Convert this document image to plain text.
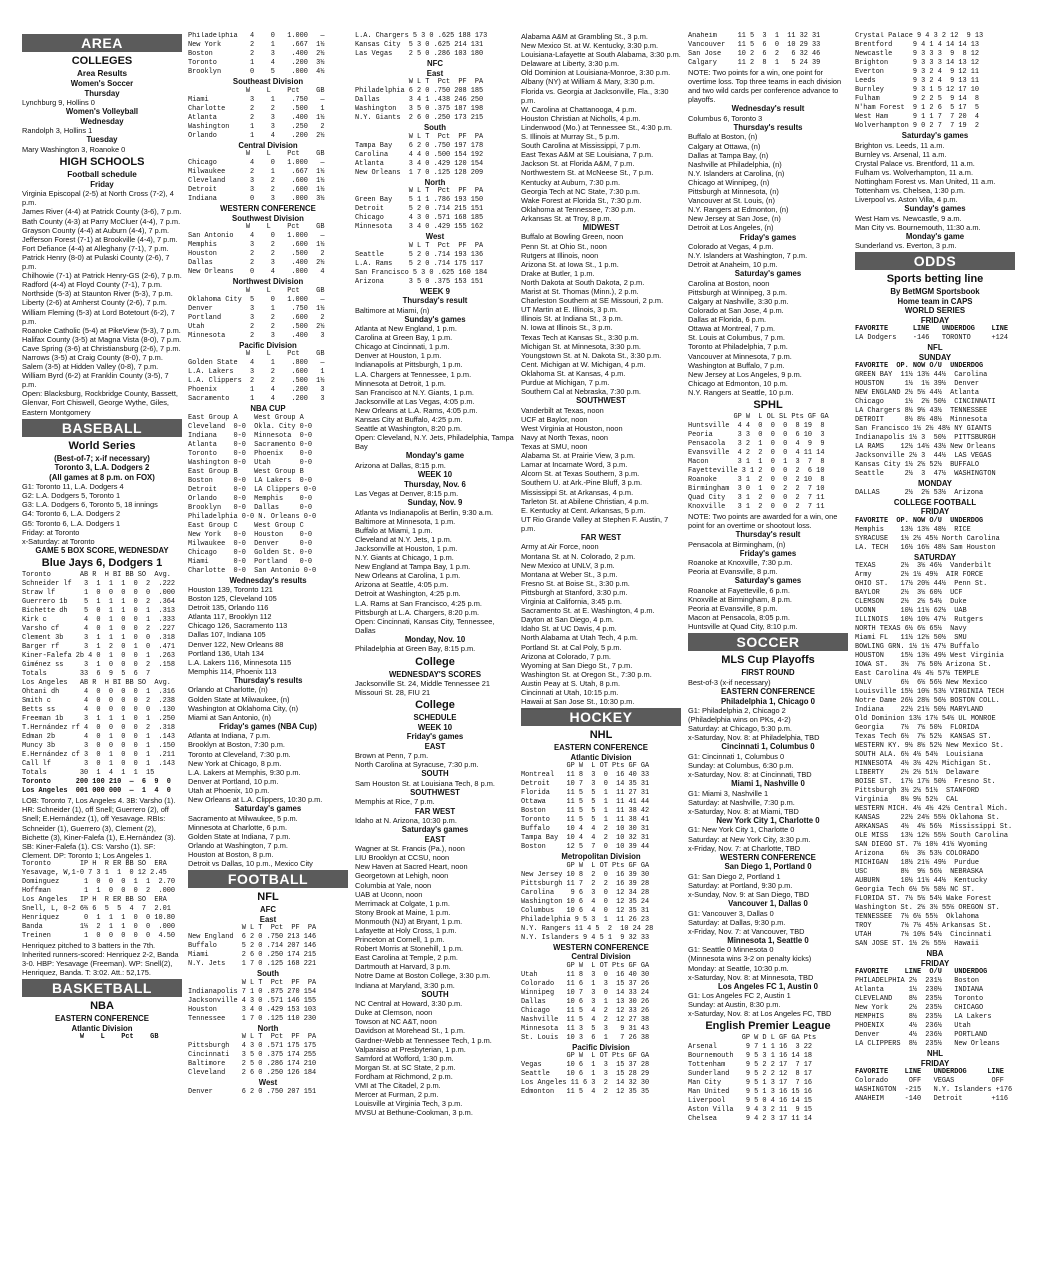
AREA
COLLEGES
Area Results
Women's Soccer
Thursday
Lynchburg 9, Hollins 0
Women's Volleyball
Wednesday
Randolph 3, Hollins 1
Tuesday
Mary Washington 3, Roanoke 0
HIGH SCHOOLS
Football schedule
Friday
Virginia Episcopal (2-5) at North Cross (7-2), 4 p.m.
James River (4-4) at Patrick County (3-6), 7 p.m.
Bath County (4-3) at Parry McCluer (4-4), 7 p.m.
Grayson County (4-4) at Auburn (4-4), 7 p.m.
Jefferson Forest (7-1) at Brookville (4-4), 7 p.m.
Fort Defiance (4-4) at Alleghany (7-1), 7 p.m.
Patrick Henry (8-0) at Pulaski County (2-6), 7 p.m.
Chilhowie (7-1) at Patrick Henry-GS (2-6), 7 p.m.
Radford (4-4) at Floyd County (7-1), 7 p.m.
Northside (5-3) at Staunton River (5-3), 7 p.m.
Liberty (2-6) at Amherst County (2-6), 7 p.m.
William Fleming (5-3) at Lord Botetourt (6-2), 7 p.m.
Roanoke Catholic (5-4) at PikeView (5-3), 7 p.m.
Halifax County (3-5) at Magna Vista (8-0), 7 p.m.
Cave Spring (3-6) at Christiansburg (2-6), 7 p.m.
Narrows (3-5) at Craig County (8-0), 7 p.m.
Salem (3-5) at Hidden Valley (0-8), 7 p.m.
William Byrd (6-2) at Franklin County (3-5), 7 p.m.
Open: Blacksburg, Rockbridge County, Bassett, Glenvar, Fort Chiswell, George Wythe, Giles, Eastern Montgomery
BASEBALL
World Series
(Best-of-7; x-if necessary)
Toronto 3, L.A. Dodgers 2
(All games at 8 p.m. on FOX)
G1: Toronto 11, L.A. Dodgers 4
G2: L.A. Dodgers 5, Toronto 1
G3: L.A. Dodgers 6, Toronto 5, 18 innings
G4: Toronto 6, L.A. Dodgers 2
G5: Toronto 6, L.A. Dodgers 1
Friday: at Toronto
x-Saturday: at Toronto
GAME 5 BOX SCORE, WEDNESDAY
Blue Jays 6, Dodgers 1
Toronto       AB R  H BI BB SO  Avg.
Schneider lf   3  1  1  1  0  2  .222
Straw lf       1  0  0  0  0  0  .000
Guerrero 1b    5  1  1  1  0  2  .364
Bichette dh    5  0  1  1  0  1  .313
Kirk c         4  0  1  0  0  1  .333
Varsho cf      4  0  1  0  0  2  .227
Clement 3b     3  1  1  1  0  0  .318
Barger rf      3  1  2  0  1  0  .471
Kiner-Falefa 2b 4 0  1  0  0  1  .263
Giménez ss     3  1  0  0  0  2  .158
Totals        33  6  9  5  6  7
Los Angeles   AB R  H BI BB SO  Avg.
Ohtani dh      4  0  0  0  0  1  .316
Smith c        4  0  0  0  0  2  .238
Betts ss       4  0  0  0  0  0  .130
Freeman 1b     3  1  1  1  0  1  .250
T.Hernández rf 4  0  0  0  0  2  .318
Edman 2b       4  0  1  0  0  1  .143
Muncy 3b       3  0  0  0  0  1  .150
E.Hernández cf 3  0  1  0  0  1  .211
Call lf        3  0  1  0  0  1  .143
Totals        30  1  4  1  1  15
Toronto      200 100 210  —  6  9  0
Los Angeles  001 000 000  —  1  4  0
LOB: Toronto 7, Los Angeles 4. 3B: Varsho (1). HR: Schneider (1), off Snell; Guerrero (2), off Snell; E.Hernández (1), off Yesavage. RBIs: Schneider (1), Guerrero (3), Clement (2), Bichette (3), Kiner-Falefa (1), E.Hernández (3). SB: Kiner-Falefa (1). CS: Varsho (1). SF: Clement. DP: Toronto 1; Los Angeles 1.
Toronto       IP H  R ER BB SO  ERA
Yesavage, W,1-0 7 3 1  1  0 12 2.45
Dominguez      1  0  0  0  1  1  2.70
Hoffman        1  1  0  0  0  2  .000
Los Angeles   IP H  R ER BB SO  ERA
Snell, L, 0-2 6⅔ 6  5  5  4  7  2.01
Henriquez      0  1  1  1  0  0 10.80
Banda         1⅓  2  1  1  0  0  .000
Treinen        1  0  0  0  0  0  4.50
Henriquez pitched to 3 batters in the 7th. Inherited runners-scored: Henriquez 2-2, Banda 3-0. HBP: Yesavage (Freeman). WP: Snell(2), Henriquez, Banda. T: 3:02. Att.: 52,175.
BASKETBALL
NBA
EASTERN CONFERENCE
Atlantic Division
W    L    Pct    GB
Philadelphia   4    0   1.000   —
New York       2    1    .667  1½
Boston         2    3    .400  2½
Toronto        1    4    .200  3½
Brooklyn       0    5    .000  4½
Southeast Division
W    L    Pct    GB
Miami          3    1    .750   —
Charlotte      2    2    .500   1
Atlanta        2    3    .400  1½
Washington     1    3    .250   2
Orlando        1    4    .200  2½
Central Division
W    L    Pct    GB
Chicago        4    0   1.000   —
Milwaukee      2    1    .667  1½
Cleveland      3    2    .600  1½
Detroit        3    2    .600  1½
Indiana        0    3    .000  3½
WESTERN CONFERENCE
Southwest Division
W    L    Pct    GB
San Antonio    4    0   1.000   —
Memphis        3    2    .600  1½
Houston        2    2    .500   2
Dallas         2    3    .400  2½
New Orleans    0    4    .000   4
Northwest Division
W    L    Pct    GB
Oklahoma City  5    0   1.000   —
Denver         3    1    .750  1½
Portland       3    2    .600   2
Utah           2    2    .500  2½
Minnesota      2    3    .400   3
Pacific Division
W    L    Pct    GB
Golden State   4    1    .800   —
L.A. Lakers    3    2    .600   1
L.A. Clippers  2    2    .500  1½
Phoenix        1    4    .200   3
Sacramento     1    4    .200   3
NBA CUP
East Group A    West Group A
Cleveland  0-0  Okla. City 0-0
Indiana    0-0  Minnesota  0-0
Atlanta    0-0  Sacramento 0-0
Toronto    0-0  Phoenix    0-0
Washington 0-0  Utah       0-0
East Group B    West Group B
Boston     0-0  LA Lakers  0-0
Detroit    0-0  LA Clippers 0-0
Orlando    0-0  Memphis    0-0
Brooklyn   0-0  Dallas     0-0
Philadelphia 0-0 N. Orleans 0-0
East Group C    West Group C
New York   0-0  Houston    0-0
Milwaukee  0-0  Denver     0-0
Chicago    0-0  Golden St. 0-0
Miami      0-0  Portland   0-0
Charlotte  0-0  San Antonio 0-0
Wednesday's results
Houston 139, Toronto 121
Boston 125, Cleveland 105
Detroit 135, Orlando 116
Atlanta 117, Brooklyn 112
Chicago 126, Sacramento 113
Dallas 107, Indiana 105
Denver 122, New Orleans 88
Portland 136, Utah 134
L.A. Lakers 116, Minnesota 115
Memphis 114, Phoenix 113
Thursday's results
Orlando at Charlotte, (n)
Golden State at Milwaukee, (n)
Washington at Oklahoma City, (n)
Miami at San Antonio, (n)
Friday's games (NBA Cup)
Atlanta at Indiana, 7 p.m.
Brooklyn at Boston, 7:30 p.m.
Toronto at Cleveland, 7:30 p.m.
New York at Chicago, 8 p.m.
L.A. Lakers at Memphis, 9:30 p.m.
Denver at Portland, 10 p.m.
Utah at Phoenix, 10 p.m.
New Orleans at L.A. Clippers, 10:30 p.m.
Saturday's games
Sacramento at Milwaukee, 5 p.m.
Minnesota at Charlotte, 6 p.m.
Golden State at Indiana, 7 p.m.
Orlando at Washington, 7 p.m.
Houston at Boston, 8 p.m.
Detroit vs Dallas, 10 p.m., Mexico City
FOOTBALL
NFL
AFC
East
W L T  Pct  PF  PA
New England  6 2 0 .750 213 146
Buffalo      5 2 0 .714 207 146
Miami        2 6 0 .250 174 215
N.Y. Jets    1 7 0 .125 168 221
South
W L T  Pct  PF  PA
Indianapolis 7 1 0 .875 270 154
Jacksonville 4 3 0 .571 146 155
Houston      3 4 0 .429 153 103
Tennessee    1 7 0 .125 110 230
North
W L T  Pct  PF  PA
Pittsburgh   4 3 0 .571 175 175
Cincinnati   3 5 0 .375 174 255
Baltimore    2 5 0 .286 174 210
Cleveland    2 6 0 .250 126 184
West
Denver       6 2 0 .750 207 151
L.A. Chargers 5 3 0 .625 188 173
Kansas City  5 3 0 .625 214 131
Las Vegas    2 5 0 .286 103 180
NFC
East
W L T  Pct  PF  PA
Philadelphia 6 2 0 .750 208 185
Dallas       3 4 1 .438 246 250
Washington   3 5 0 .375 187 198
N.Y. Giants  2 6 0 .250 173 215
South
W L T  Pct  PF  PA
Tampa Bay    6 2 0 .750 197 178
Carolina     4 4 0 .500 154 192
Atlanta      3 4 0 .429 120 154
New Orleans  1 7 0 .125 128 209
North
W L T  Pct  PF  PA
Green Bay    5 1 1 .786 193 150
Detroit      5 2 0 .714 215 151
Chicago      4 3 0 .571 168 185
Minnesota    3 4 0 .429 155 162
West
W L T  Pct  PF  PA
Seattle      5 2 0 .714 193 136
L.A. Rams    5 2 0 .714 175 117
San Francisco 5 3 0 .625 160 184
Arizona      3 5 0 .375 153 151
WEEK 9
Thursday's result
Baltimore at Miami, (n)
Sunday's games
Atlanta at New England, 1 p.m.
Carolina at Green Bay, 1 p.m.
Chicago at Cincinnati, 1 p.m.
Denver at Houston, 1 p.m.
Indianapolis at Pittsburgh, 1 p.m.
L.A. Chargers at Tennessee, 1 p.m.
Minnesota at Detroit, 1 p.m.
San Francisco at N.Y. Giants, 1 p.m.
Jacksonville at Las Vegas, 4:05 p.m.
New Orleans at L.A. Rams, 4:05 p.m.
Kansas City at Buffalo, 4:25 p.m.
Seattle at Washington, 8:20 p.m.
Open: Cleveland, N.Y. Jets, Philadelphia, Tampa Bay
Monday's game
Arizona at Dallas, 8:15 p.m.
WEEK 10
Thursday, Nov. 6
Las Vegas at Denver, 8:15 p.m.
Sunday, Nov. 9
Atlanta vs Indianapolis at Berlin, 9:30 a.m.
Baltimore at Minnesota, 1 p.m.
Buffalo at Miami, 1 p.m.
Cleveland at N.Y. Jets, 1 p.m.
Jacksonville at Houston, 1 p.m.
N.Y. Giants at Chicago, 1 p.m.
New England at Tampa Bay, 1 p.m.
New Orleans at Carolina, 1 p.m.
Arizona at Seattle, 4:05 p.m.
Detroit at Washington, 4:25 p.m.
L.A. Rams at San Francisco, 4:25 p.m.
Pittsburgh at L.A. Chargers, 8:20 p.m.
Open: Cincinnati, Kansas City, Tennessee, Dallas
Monday, Nov. 10
Philadelphia at Green Bay, 8:15 p.m.
College
WEDNESDAY'S SCORES
Jacksonville St. 24, Middle Tennessee 21
Missouri St. 28, FIU 21
College
SCHEDULE
WEEK 10
Friday's games
EAST
Brown at Penn, 7 p.m.
North Carolina at Syracuse, 7:30 p.m.
SOUTH
Sam Houston St. at Louisiana Tech, 8 p.m.
SOUTHWEST
Memphis at Rice, 7 p.m.
FAR WEST
Idaho at N. Arizona, 10:30 p.m.
Saturday's games
EAST
Wagner at St. Francis (Pa.), noon
LIU Brooklyn at CCSU, noon
New Haven at Sacred Heart, noon
Georgetown at Lehigh, noon
Columbia at Yale, noon
UAB at Uconn, noon
Merrimack at Colgate, 1 p.m.
Stony Brook at Maine, 1 p.m.
Monmouth (NJ) at Bryant, 1 p.m.
Lafayette at Holy Cross, 1 p.m.
Princeton at Cornell, 1 p.m.
Robert Morris at Stonehill, 1 p.m.
East Carolina at Temple, 2 p.m.
Dartmouth at Harvard, 3 p.m.
Notre Dame at Boston College, 3:30 p.m.
Indiana at Maryland, 3:30 p.m.
SOUTH
NC Central at Howard, 3:30 p.m.
Duke at Clemson, noon
Towson at NC A&T, noon
Davidson at Morehead St., 1 p.m.
Gardner-Webb at Tennessee Tech, 1 p.m.
Valparaiso at Presbyterian, 1 p.m.
Samford at Wofford, 1:30 p.m.
Morgan St. at SC State, 2 p.m.
Fordham at Richmond, 2 p.m.
VMI at The Citadel, 2 p.m.
Mercer at Furman, 2 p.m.
Louisville at Virginia Tech, 3 p.m.
MVSU at Bethune-Cookman, 3 p.m.
Alabama A&M at Grambling St., 3 p.m.
New Mexico St. at W. Kentucky, 3:30 p.m.
Louisiana-Lafayette at South Alabama, 3:30 p.m.
Delaware at Liberty, 3:30 p.m.
Old Dominion at Louisiana-Monroe, 3:30 p.m.
Albany (NY) at William & Mary, 3:30 p.m.
Florida vs. Georgia at Jacksonville, Fla., 3:30 p.m.
W. Carolina at Chattanooga, 4 p.m.
Houston Christian at Nicholls, 4 p.m.
Lindenwood (Mo.) at Tennessee St., 4:30 p.m.
S. Illinois at Murray St., 5 p.m.
South Carolina at Mississippi, 7 p.m.
East Texas A&M at SE Louisiana, 7 p.m.
Jackson St. at Florida A&M, 7 p.m.
Northwestern St. at McNeese St., 7 p.m.
Kentucky at Auburn, 7:30 p.m.
Georgia Tech at NC State, 7:30 p.m.
Wake Forest at Florida St., 7:30 p.m.
Oklahoma at Tennessee, 7:30 p.m.
Arkansas St. at Troy, 8 p.m.
MIDWEST
Buffalo at Bowling Green, noon
Penn St. at Ohio St., noon
Rutgers at Illinois, noon
Arizona St. at Iowa St., 1 p.m.
Drake at Butler, 1 p.m.
North Dakota at South Dakota, 2 p.m.
Marist at St. Thomas (Minn.), 2 p.m.
Charleston Southern at SE Missouri, 2 p.m.
UT Martin at E. Illinois, 3 p.m.
Illinois St. at Indiana St., 3 p.m.
N. Iowa at Illinois St., 3 p.m.
Texas Tech at Kansas St., 3:30 p.m.
Michigan St. at Minnesota, 3:30 p.m.
Youngstown St. at N. Dakota St., 3:30 p.m.
Cent. Michigan at W. Michigan, 4 p.m.
Oklahoma St. at Kansas, 4 p.m.
Purdue at Michigan, 7 p.m.
Southern Cal at Nebraska, 7:30 p.m.
SOUTHWEST
Vanderbilt at Texas, noon
UCF at Baylor, noon
West Virginia at Houston, noon
Navy at North Texas, noon
Texas at SMU, noon
Alabama St. at Prairie View, 3 p.m.
Lamar at Incarnate Word, 3 p.m.
Alcorn St. at Texas Southern, 3 p.m.
Southern U. at Ark.-Pine Bluff, 3 p.m.
Mississippi St. at Arkansas, 4 p.m.
Tarleton St. at Abilene Christian, 4 p.m.
E. Kentucky at Cent. Arkansas, 5 p.m.
UT Rio Grande Valley at Stephen F. Austin, 7 p.m.
FAR WEST
Army at Air Force, noon
Montana St. at N. Colorado, 2 p.m.
New Mexico at UNLV, 3 p.m.
Montana at Weber St., 3 p.m.
Fresno St. at Boise St., 3:30 p.m.
Pittsburgh at Stanford, 3:30 p.m.
Virginia at California, 3:45 p.m.
Sacramento St. at E. Washington, 4 p.m.
Dayton at San Diego, 4 p.m.
Idaho St. at UC Davis, 4 p.m.
North Alabama at Utah Tech, 4 p.m.
Portland St. at Cal Poly, 5 p.m.
Arizona at Colorado, 7 p.m.
Wyoming at San Diego St., 7 p.m.
Washington St. at Oregon St., 7:30 p.m.
Austin Peay at S. Utah, 8 p.m.
Cincinnati at Utah, 10:15 p.m.
Hawaii at San Jose St., 10:30 p.m.
HOCKEY
NHL
EASTERN CONFERENCE
Atlantic Division
GP W  L OT Pts GF GA
Montreal   11 8  3  0  16 40 33
Detroit    10 7  3  0  14 35 31
Florida    11 5  5  1  11 27 31
Ottawa     11 5  5  1  11 41 44
Boston     11 5  5  1  11 38 42
Toronto    11 5  5  1  11 38 41
Buffalo    10 4  4  2  10 30 31
Tampa Bay  10 4  4  2  10 32 31
Boston     12 5  7  0  10 39 44
Metropolitan Division
GP W  L OT Pts GF GA
New Jersey 10 8  2  0  16 39 30
Pittsburgh 11 7  2  2  16 39 28
Carolina    9 6  3  0  12 34 28
Washington 10 6  4  0  12 35 24
Columbus   10 6  4  0  12 35 31
Philadelphia 9 5 3  1  11 26 23
N.Y. Rangers 11 4 5  2  10 24 28
N.Y. Islanders 9 4 5 1  9 32 33
WESTERN CONFERENCE
Central Division
GP W  L OT Pts GF GA
Utah       11 8  3  0  16 40 30
Colorado   11 6  1  3  15 37 26
Winnipeg   10 7  3  0  14 33 24
Dallas     10 6  3  1  13 30 26
Chicago    11 5  4  2  12 33 26
Nashville  11 5  4  2  12 27 38
Minnesota  11 3  5  3   9 31 43
St. Louis  10 3  6  1   7 26 38
Pacific Division
GP W  L OT Pts GF GA
Vegas      10 6  1  3  15 37 28
Seattle    10 6  1  3  15 28 29
Los Angeles 11 6 3  2  14 32 30
Edmonton   11 5  4  2  12 35 35
Anaheim     11 5  3  1  11 32 31
Vancouver   11 5  6  0  10 29 33
San Jose    10 2  6  2   6 32 46
Calgary     11 2  8  1   5 24 39

NOTE: Two points for a win, one point for overtime loss. Top three teams in each division and two wild cards per conference advance to playoffs.

Wednesday's result
Columbus 6, Toronto 3
Thursday's results
Buffalo at Boston, (n)
Calgary at Ottawa, (n)
Dallas at Tampa Bay, (n)
Nashville at Philadelphia, (n)
N.Y. Islanders at Carolina, (n)
Chicago at Winnipeg, (n)
Pittsburgh at Minnesota, (n)
Vancouver at St. Louis, (n)
N.Y. Rangers at Edmonton, (n)
New Jersey at San Jose, (n)
Detroit at Los Angeles, (n)
Friday's games
Colorado at Vegas, 4 p.m.
N.Y. Islanders at Washington, 7 p.m.
Detroit at Anaheim, 10 p.m.
Saturday's games
Carolina at Boston, noon
Pittsburgh at Winnipeg, 3 p.m.
Calgary at Nashville, 3:30 p.m.
Colorado at San Jose, 4 p.m.
Dallas at Florida, 6 p.m.
Ottawa at Montreal, 7 p.m.
St. Louis at Columbus, 7 p.m.
Toronto at Philadelphia, 7 p.m.
Vancouver at Minnesota, 7 p.m.
Washington at Buffalo, 7 p.m.
New Jersey at Los Angeles, 9 p.m.
Chicago at Edmonton, 10 p.m.
N.Y. Rangers at Seattle, 10 p.m.
SPHL
GP W  L OL SL Pts GF GA
Huntsville  4 4  0  0  0  8 19  8
Peoria      3 3  0  0  0  6 10  3
Pensacola   3 2  1  0  0  4  9  9
Evansville  4 2  2  0  0  4 11 14
Macon       3 1  1  0  1  3  7  8
Fayetteville 3 1 2  0  0  2  6 10
Roanoke     3 1  2  0  0  2 10  8
Birmingham  3 0  1  0  2  2  7 10
Quad City   3 1  2  0  0  2  7 11
Knoxville   3 1  2  0  0  2  7 11

NOTE: Two points are awarded for a win, one point for an overtime or shootout loss.

Thursday's result
Pensacola at Birmingham, (n)
Friday's games
Roanoke at Knoxville, 7:30 p.m.
Peoria at Evansville, 8 p.m.
Saturday's games
Roanoke at Fayetteville, 6 p.m.
Knoxville at Birmingham, 8 p.m.
Peoria at Evansville, 8 p.m.
Macon at Pensacola, 8:05 p.m.
Huntsville at Quad City, 8:10 p.m.
SOCCER
MLS Cup Playoffs
FIRST ROUND
Best-of-3 (x-if necessary)
EASTERN CONFERENCE
Philadelphia 1, Chicago 0
G1: Philadelphia 2, Chicago 2
(Philadelphia wins on PKs, 4-2)
Saturday: at Chicago, 5:30 p.m.
x-Saturday, Nov. 8: at Philadelphia, TBD
Cincinnati 1, Columbus 0
G1: Cincinnati 1, Columbus 0
Sunday: at Columbus, 6:30 p.m.
x-Saturday, Nov. 8: at Cincinnati, TBD
Miami 1, Nashville 0
G1: Miami 3, Nashville 1
Saturday: at Nashville, 7:30 p.m.
x-Saturday, Nov. 8: at Miami, TBD
New York City 1, Charlotte 0
G1: New York City 1, Charlotte 0
Saturday: at New York City, 3:30 p.m.
x-Friday, Nov. 7: at Charlotte, TBD
WESTERN CONFERENCE
San Diego 1, Portland 0
G1: San Diego 2, Portland 1
Saturday: at Portland, 9:30 p.m.
x-Sunday, Nov. 9: at San Diego, TBD
Vancouver 1, Dallas 0
G1: Vancouver 3, Dallas 0
Saturday: at Dallas, 9:30 p.m.
x-Friday, Nov. 7: at Vancouver, TBD
Minnesota 1, Seattle 0
G1: Seattle 0 Minnesota 0
(Minnesota wins 3-2 on penalty kicks)
Monday: at Seattle, 10:30 p.m.
x-Saturday, Nov. 8: at Minnesota, TBD
Los Angeles FC 1, Austin 0
G1: Los Angeles FC 2, Austin 1
Sunday: at Austin, 8:30 p.m.
x-Saturday, Nov. 8: at Los Angeles FC, TBD
English Premier League
GP W D L GF GA Pts
Arsenal       9 7 1 1 16  3 22
Bournemouth   9 5 3 1 16 14 18
Tottenham     9 5 2 2 17  7 17
Sunderland    9 5 2 2 12  8 17
Man City      9 5 1 3 17  7 16
Man United    9 5 1 3 16 15 16
Liverpool     9 5 0 4 16 14 15
Aston Villa   9 4 3 2 11  9 15
Chelsea       9 4 2 3 17 11 14
Crystal Palace 9 4 3 2 12  9 13
Brentford     9 4 1 4 14 14 13
Newcastle     9 3 3 3  9  8 12
Brighton      9 3 3 3 14 13 12
Everton       9 3 2 4  9 12 11
Leeds         9 3 2 4  9 13 11
Burnley       9 3 1 5 12 17 10
Fulham        9 2 2 5  9 14  8
N'ham Forest  9 1 2 6  5 17  5
West Ham      9 1 1 7  7 20  4
Wolverhampton 9 0 2 7  7 19  2
Saturday's games
Brighton vs. Leeds, 11 a.m.
Burnley vs. Arsenal, 11 a.m.
Crystal Palace vs. Brentford, 11 a.m.
Fulham vs. Wolverhampton, 11 a.m.
Nottingham Forest vs. Man United, 11 a.m.
Tottenham vs. Chelsea, 1:30 p.m.
Liverpool vs. Aston Villa, 4 p.m.
Sunday's games
West Ham vs. Newcastle, 9 a.m.
Man City vs. Bournemouth, 11:30 a.m.
Monday's game
Sunderland vs. Everton, 3 p.m.
ODDS
Sports betting line
By BetMGM Sportsbook
Home team in CAPS
WORLD SERIES
FRIDAY
FAVORITE      LINE   UNDERDOG    LINE
LA Dodgers    -146   TORONTO     +124
NFL
SUNDAY
FAVORITE  OP. NOW O/U  UNDERDOG
GREEN BAY  11½ 13½ 44½  Carolina
HOUSTON     1½  1½ 39½  Denver
NEW ENGLAND 2½ 5½ 44½  Atlanta
Chicago     1½  2½ 50½  CINCINNATI
LA Chargers 8½ 9½ 43½  TENNESSEE
DETROIT     8½ 8½ 48½  Minnesota
San Francisco 1½ 2½ 48½ NY GIANTS
Indianapolis 1½ 3  50½  PITTSBURGH
LA RAMS    12½ 14½ 43½ New Orleans
Jacksonville 2½ 3  44½  LAS VEGAS
Kansas City 1½ 2½ 52½  BUFFALO
Seattle     2½  3  47½  WASHINGTON
MONDAY
DALLAS      2½  2½ 53½  Arizona
COLLEGE FOOTBALL
FRIDAY
FAVORITE  OP. NOW O/U  UNDERDOG
Memphis    13½ 13½ 48½  RICE
SYRACUSE   1½ 2½ 45½ North Carolina
LA. TECH   16½ 16½ 48½ Sam Houston
SATURDAY
TEXAS      2½  3½ 46½  Vanderbilt
Army       2½ 1½ 49½  AIR FORCE
OHIO ST.   17½ 20½ 44½  Penn St.
BAYLOR     2½  3½ 60½  UCF
CLEMSON    2½  2½ 54½  Duke
UCONN      10½ 11½ 62½  UAB
ILLINOIS   10½ 10½ 47½  Rutgers
NORTH TEXAS 6½ 6½ 65½  Navy
Miami FL   11½ 12½ 50½  SMU
BOWLING GRN. 1½ 1½ 47½ Buffalo
HOUSTON    15½ 13½ 49½ West Virginia
IOWA ST.   3½  7½ 50½ Arizona St.
East Carolina 4½ 4½ 57½ TEMPLE
UNLV       6½  6½ 56½ New Mexico
Louisville 15½ 10½ 53½ VIRGINIA TECH
Notre Dame 26½ 28½ 56½ BOSTON COLL.
Indiana    22½ 21½ 50½ MARYLAND
Old Dominion 13½ 17½ 54½ UL MONROE
Georgia    7½  7½ 50½  FLORIDA
Texas Tech 6½  7½ 52½  KANSAS ST.
WESTERN KY. 9½ 8½ 52½ New Mexico St.
SOUTH ALA. 6½ 4½ 54½  Louisiana
MINNESOTA  4½ 3½ 42½ Michigan St.
LIBERTY    2½ 2½ 51½  Delaware
BOISE ST.  17½ 17½ 50½  Fresno St.
Pittsburgh 3½ 2½ 51½  STANFORD
Virginia   8½ 9½ 52½  CAL
WESTERN MICH. 4½ 4½ 42½ Central Mich.
KANSAS     22½ 24½ 55½ Oklahoma St.
ARKANSAS   4½  4½ 56½  Mississippi St.
OLE MISS   13½ 12½ 55½ South Carolina
SAN DIEGO ST. 7½ 10½ 41½ Wyoming
Arizona    6½  3½ 53½ COLORADO
MICHIGAN   18½ 21½ 49½  Purdue
USC        8½  9½ 56½  NEBRASKA
AUBURN     10½ 11½ 44½  Kentucky
Georgia Tech 6½ 5½ 58½ NC ST.
FLORIDA ST. 7½ 5½ 54½ Wake Forest
Washington St. 2½ 3½ 55½ OREGON ST.
TENNESSEE  7½ 6½ 55½  Oklahoma
TROY       7½ 7½ 45½ Arkansas St.
UTAH       7½ 10½ 54½  Cincinnati
SAN JOSE ST. 1½ 2½ 55½  Hawaii
NBA
FRIDAY
FAVORITE    LINE  O/U   UNDERDOG
PHILADELPHIA 2½  231½   Boston
Atlanta      1½  230½   INDIANA
CLEVELAND    8½  235½   Toronto
New York     2½  235½   CHICAGO
MEMPHIS      8½  235½   LA Lakers
PHOENIX      4½  236½   Utah
Denver       4½  236½   PORTLAND
LA CLIPPERS  8½  235½   New Orleans
NHL
FRIDAY
FAVORITE    LINE   UNDERDOG     LINE
Colorado     OFF   VEGAS         OFF
WASHINGTON  -215   N.Y. Islanders +176
ANAHEIM     -140   Detroit       +116
